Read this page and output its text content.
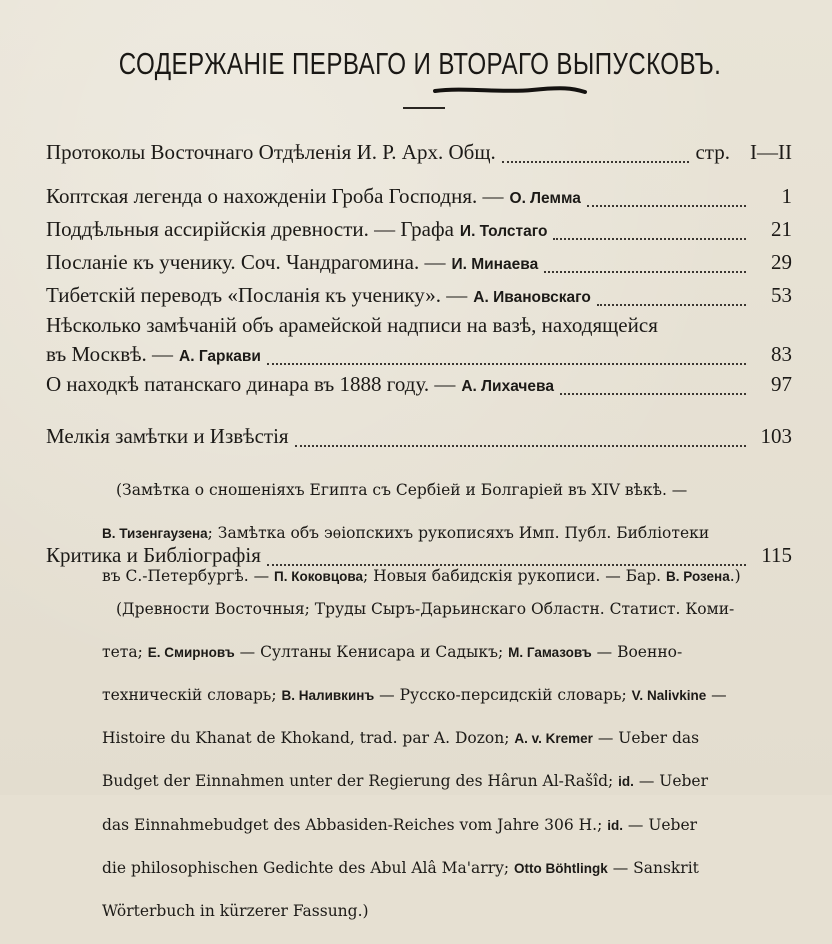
СОДЕРЖАНІЕ ПЕРВАГО И ВТОРАГО ВЫПУСКОВЪ.
Протоколы Восточнаго Отдѣленія И. Р. Арх. Общ.	стр. I—II
Коптская легенда о нахожденіи Гроба Господня. — О. Лемма	1
Поддѣльныя ассирійскія древности. — Графа И. Толстаго	21
Посланіе къ ученику. Соч. Чандрагомина. — И. Минаева	29
Тибетскій переводъ «Посланія къ ученику». — А. Ивановскаго	53
Нѣсколько замѣчаній объ арамейской надписи на вазѣ, находящейся
въ Москвѣ. — А. Гаркави	83
О находкѣ патанскаго динара въ 1888 году. — А. Лихачева	97
Мелкія замѣтки и Извѣстія	103

(Замѣтка о сношеніяхъ Египта съ Сербіей и Болгаріей въ XIV вѣкѣ. —

В. Тизенгаузена; Замѣтка объ эѳіопскихъ рукописяхъ Имп. Публ. Библіотеки

въ С.-Петербургѣ. — П. Коковцова; Новыя бабидскія рукописи. — Бар. В. Розена.)

Критика и Библіографія	115

(Древности Восточныя; Труды Сыръ-Дарьинскаго Областн. Статист. Коми-

тета; Е. Смирновъ — Султаны Кенисара и Садыкъ; М. Гамазовъ — Военно-

техническій словарь; В. Наливкинъ — Русско-персидскій словарь; V. Nalivkine —

Histoire du Khanat de Khokand, trad. par A. Dozon; A. v. Kremer — Ueber das

Budget der Einnahmen unter der Regierung des Hârun Al-Rašîd; id. — Ueber

das Einnahmebudget des Abbasiden-Reiches vom Jahre 306 H.; id. — Ueber

die philosophischen Gedichte des Abul Alâ Ma'arry; Otto Böhtlingk — Sanskrit

Wörterbuch in kürzerer Fassung.)
